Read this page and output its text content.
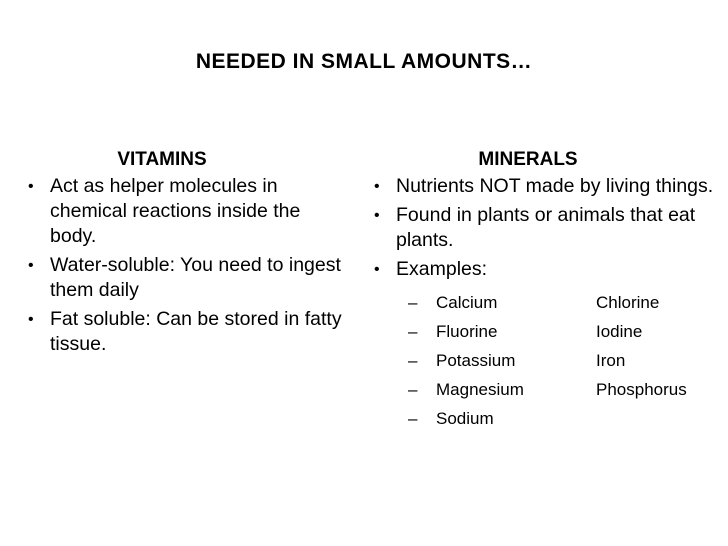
NEEDED IN SMALL AMOUNTS…
VITAMINS
• Act as helper molecules in chemical reactions inside the body.
• Water-soluble: You need to ingest them daily
• Fat soluble: Can be stored in fatty tissue.
MINERALS
• Nutrients NOT made by living things.
• Found in plants or animals that eat plants.
• Examples:
– Calcium	Chlorine
– Fluorine	Iodine
– Potassium	Iron
– Magnesium	Phosphorus
– Sodium
